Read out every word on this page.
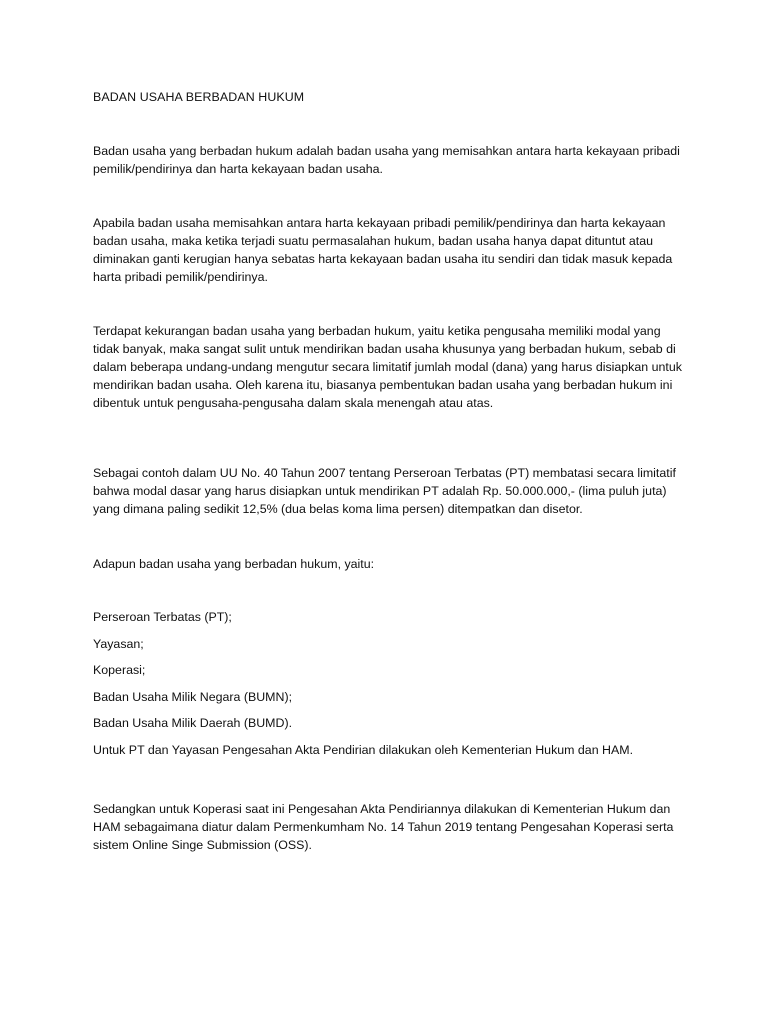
BADAN USAHA BERBADAN HUKUM

Badan usaha yang berbadan hukum adalah badan usaha yang memisahkan antara harta kekayaan pribadi pemilik/pendirinya dan harta kekayaan badan usaha.

Apabila badan usaha memisahkan antara harta kekayaan pribadi pemilik/pendirinya dan harta kekayaan badan usaha, maka ketika terjadi suatu permasalahan hukum, badan usaha hanya dapat dituntut atau diminakan ganti kerugian hanya sebatas harta kekayaan badan usaha itu sendiri dan tidak masuk kepada harta pribadi pemilik/pendirinya.

Terdapat kekurangan badan usaha yang berbadan hukum, yaitu ketika pengusaha memiliki modal yang tidak banyak, maka sangat sulit untuk mendirikan badan usaha khusunya yang berbadan hukum, sebab di dalam beberapa undang-undang mengutur secara limitatif jumlah modal (dana) yang harus disiapkan untuk mendirikan badan usaha. Oleh karena itu, biasanya pembentukan badan usaha yang berbadan hukum ini dibentuk untuk pengusaha-pengusaha dalam skala menengah atau atas.

Sebagai contoh dalam UU No. 40 Tahun 2007 tentang Perseroan Terbatas (PT) membatasi secara limitatif bahwa modal dasar yang harus disiapkan untuk mendirikan PT adalah Rp. 50.000.000,- (lima puluh juta) yang dimana paling sedikit 12,5% (dua belas koma lima persen) ditempatkan dan disetor.

Adapun badan usaha yang berbadan hukum, yaitu:

Perseroan Terbatas (PT);
Yayasan;
Koperasi;
Badan Usaha Milik Negara (BUMN);
Badan Usaha Milik Daerah (BUMD).
Untuk PT dan Yayasan Pengesahan Akta Pendirian dilakukan oleh Kementerian Hukum dan HAM.

Sedangkan untuk Koperasi saat ini Pengesahan Akta Pendiriannya dilakukan di Kementerian Hukum dan HAM sebagaimana diatur dalam Permenkumham No. 14 Tahun 2019 tentang Pengesahan Koperasi serta sistem Online Singe Submission (OSS).
